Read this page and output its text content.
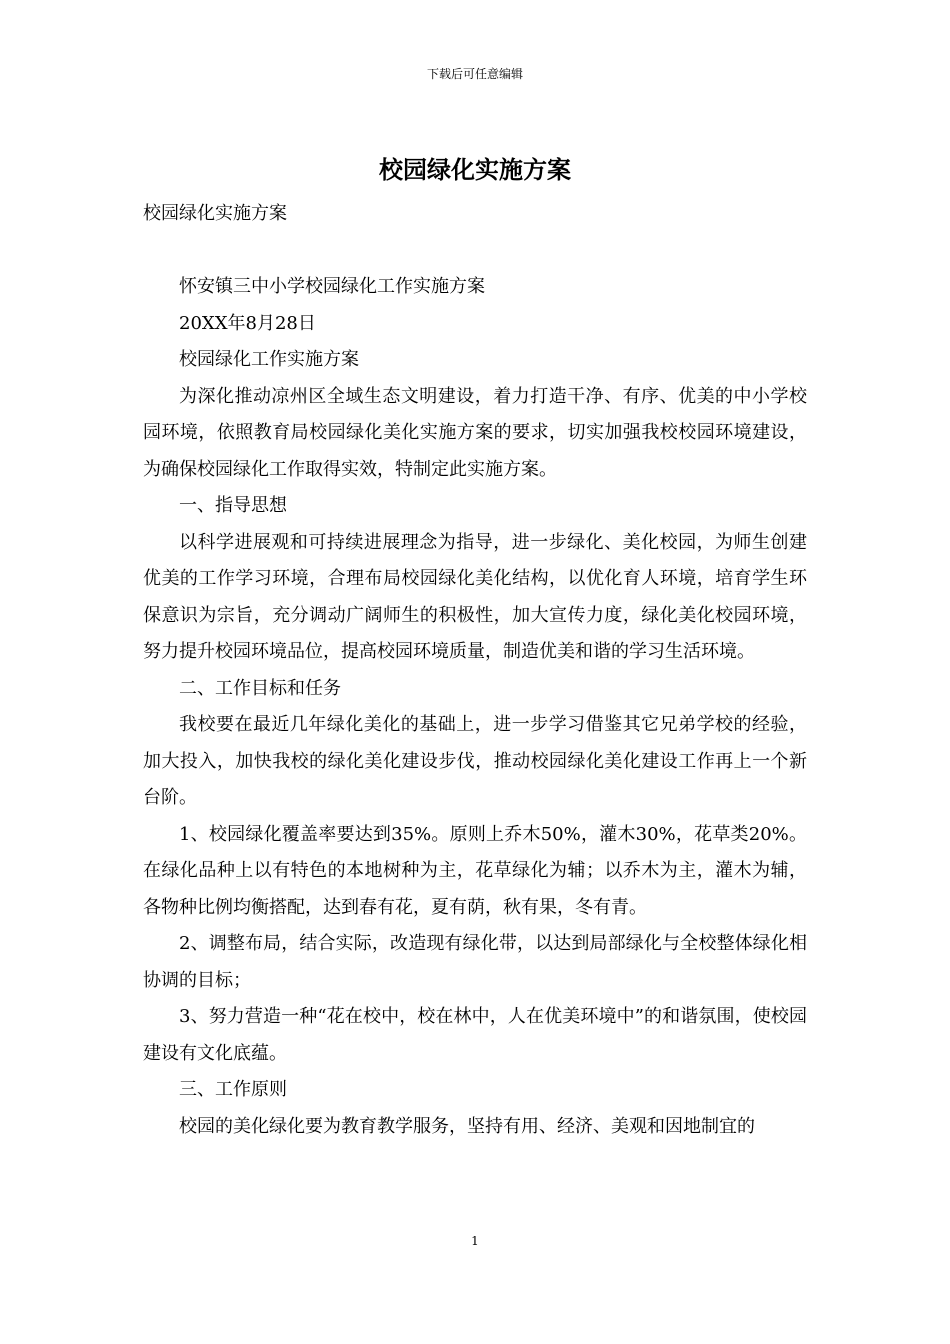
下载后可任意编辑
校园绿化实施方案

校园绿化实施方案

怀安镇三中小学校园绿化工作实施方案

20XX年8月28日

校园绿化工作实施方案

为深化推动凉州区全域生态文明建设，着力打造干净、有序、优美的中小学校园环境，依照教育局校园绿化美化实施方案的要求，切实加强我校校园环境建设，为确保校园绿化工作取得实效，特制定此实施方案。

一、指导思想

以科学进展观和可持续进展理念为指导，进一步绿化、美化校园，为师生创建优美的工作学习环境，合理布局校园绿化美化结构，以优化育人环境，培育学生环保意识为宗旨，充分调动广阔师生的积极性，加大宣传力度，绿化美化校园环境，努力提升校园环境品位，提高校园环境质量，制造优美和谐的学习生活环境。

二、工作目标和任务

我校要在最近几年绿化美化的基础上，进一步学习借鉴其它兄弟学校的经验，加大投入，加快我校的绿化美化建设步伐，推动校园绿化美化建设工作再上一个新台阶。

1、校园绿化覆盖率要达到35%。原则上乔木50%，灌木30%，花草类20%。在绿化品种上以有特色的本地树种为主，花草绿化为辅；以乔木为主，灌木为辅，各物种比例均衡搭配，达到春有花，夏有荫，秋有果，冬有青。

2、调整布局，结合实际，改造现有绿化带，以达到局部绿化与全校整体绿化相协调的目标；

3、努力营造一种“花在校中，校在林中，人在优美环境中”的和谐氛围，使校园建设有文化底蕴。

三、工作原则

校园的美化绿化要为教育教学服务，坚持有用、经济、美观和因地制宜的

1
